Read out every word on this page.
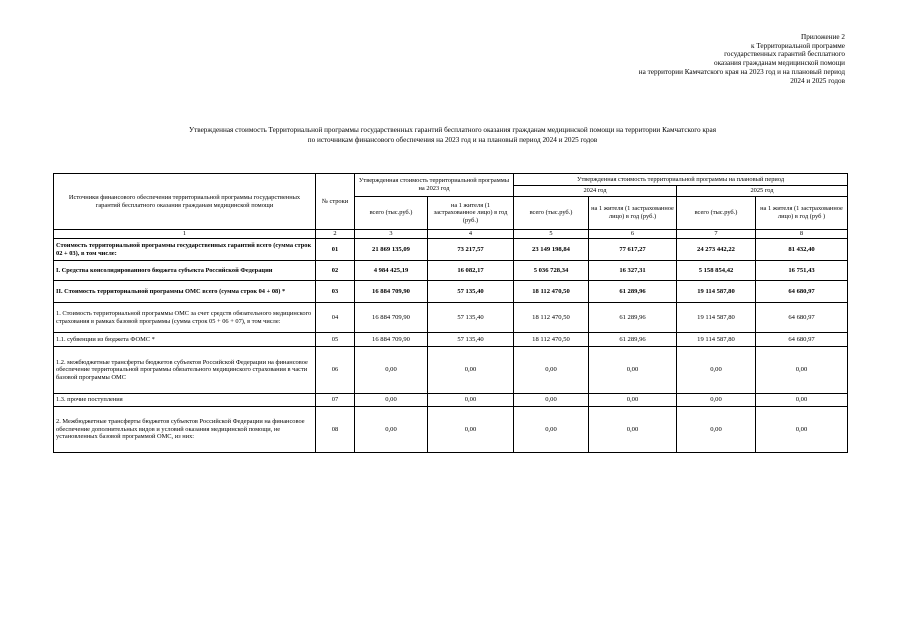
Приложение 2
к Территориальной программе
государственных гарантий бесплатного
оказания гражданам медицинской помощи
на территории Камчатского края на 2023 год и на плановый период
2024 и 2025 годов
Утвержденная стоимость Территориальной программы государственных гарантий бесплатного оказания гражданам медицинской помощи на территории Камчатского края
по источникам финансового обеспечения на 2023 год и на плановый период 2024 и 2025 годов
Источники финансового обеспечения территориальной программы государственных гарантий бесплатного оказания гражданам медицинской помощи	№ строки	Утвержденная стоимость территориальной программы на 2023 год		Утвержденная стоимость территориальной программы на плановый период			
				2024 год		2025 год	
		всего (тыс.руб.)	на 1 жителя (1 застрахованное лицо) в год (руб.)	всего (тыс.руб.)	на 1 жителя (1 застрахованное лицо) в год (руб.)	всего (тыс.руб.)	на 1 жителя (1 застрахованное лицо) в год (руб )
1	2	3	4	5	6	7	8
Стоимость территориальной программы государственных гарантий всего (сумма строк 02 + 03), в том числе:	01	21 869 135,09	73 217,57	23 149 198,84	77 617,27	24 273 442,22	81 432,40
I. Средства консолидированного бюджета субъекта Российской Федерации	02	4 984 425,19	16 082,17	5 036 728,34	16 327,31	5 158 854,42	16 751,43
II. Стоимость территориальной программы ОМС всего (сумма строк 04 + 08) *	03	16 884 709,90	57 135,40	18 112 470,50	61 289,96	19 114 587,80	64 680,97
1. Стоимость территориальной программы ОМС за счет средств обязательного медицинского страхования в рамках базовой программы (сумма строк 05 + 06 + 07), в том числе:	04	16 884 709,90	57 135,40	18 112 470,50	61 289,96	19 114 587,80	64 680,97
1.1. субвенции из бюджета ФОМС *	05	16 884 709,90	57 135,40	18 112 470,50	61 289,96	19 114 587,80	64 680,97
1.2. межбюджетные трансферты бюджетов субъектов Российской Федерации на финансовое обеспечение территориальной программы обязательного медицинского страхования в части базовой программы ОМС	06	0,00	0,00	0,00	0,00	0,00	0,00
1.3. прочие поступления	07	0,00	0,00	0,00	0,00	0,00	0,00
2. Межбюджетные трансферты бюджетов субъектов Российской Федерации на финансовое обеспечение дополнительных видов и условий оказания медицинской помощи, не установленных базовой программой ОМС, из них:	08	0,00	0,00	0,00	0,00	0,00	0,00
